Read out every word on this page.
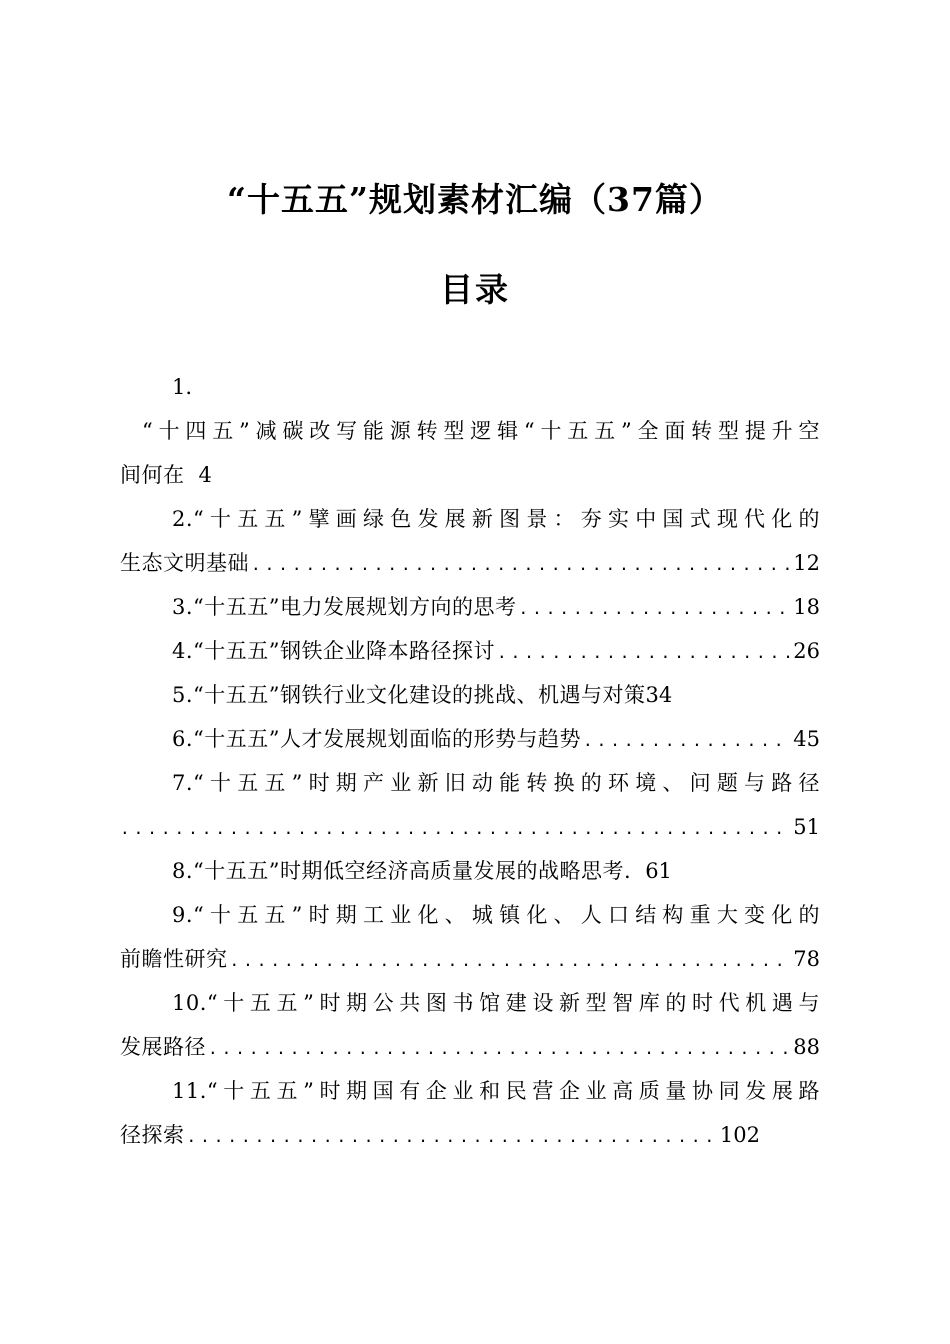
“十五五”规划素材汇编（37篇）
目录
1.
“十四五”减碳改写能源转型逻辑“十五五”全面转型提升空
间何在 4
2.“十五五”擘画绿色发展新图景：夯实中国式现代化的
生态文明基础 .....	12
3.“十五五”电力发展规划方向的思考 .....	18
4.“十五五”钢铁企业降本路径探讨 .....	26
5.“十五五”钢铁行业文化建设的挑战、机遇与对策 34
6.“十五五”人才发展规划面临的形势与趋势 .....	45
7.“十五五”时期产业新旧动能转换的环境、问题与路径
.....
51
8.“十五五”时期低空经济高质量发展的战略思考. 61
9.“十五五”时期工业化、城镇化、人口结构重大变化的
前瞻性研究 .....	78
10.“十五五”时期公共图书馆建设新型智库的时代机遇与
发展路径 .....	88
11.“十五五”时期国有企业和民营企业高质量协同发展路
径探索 .....	102
